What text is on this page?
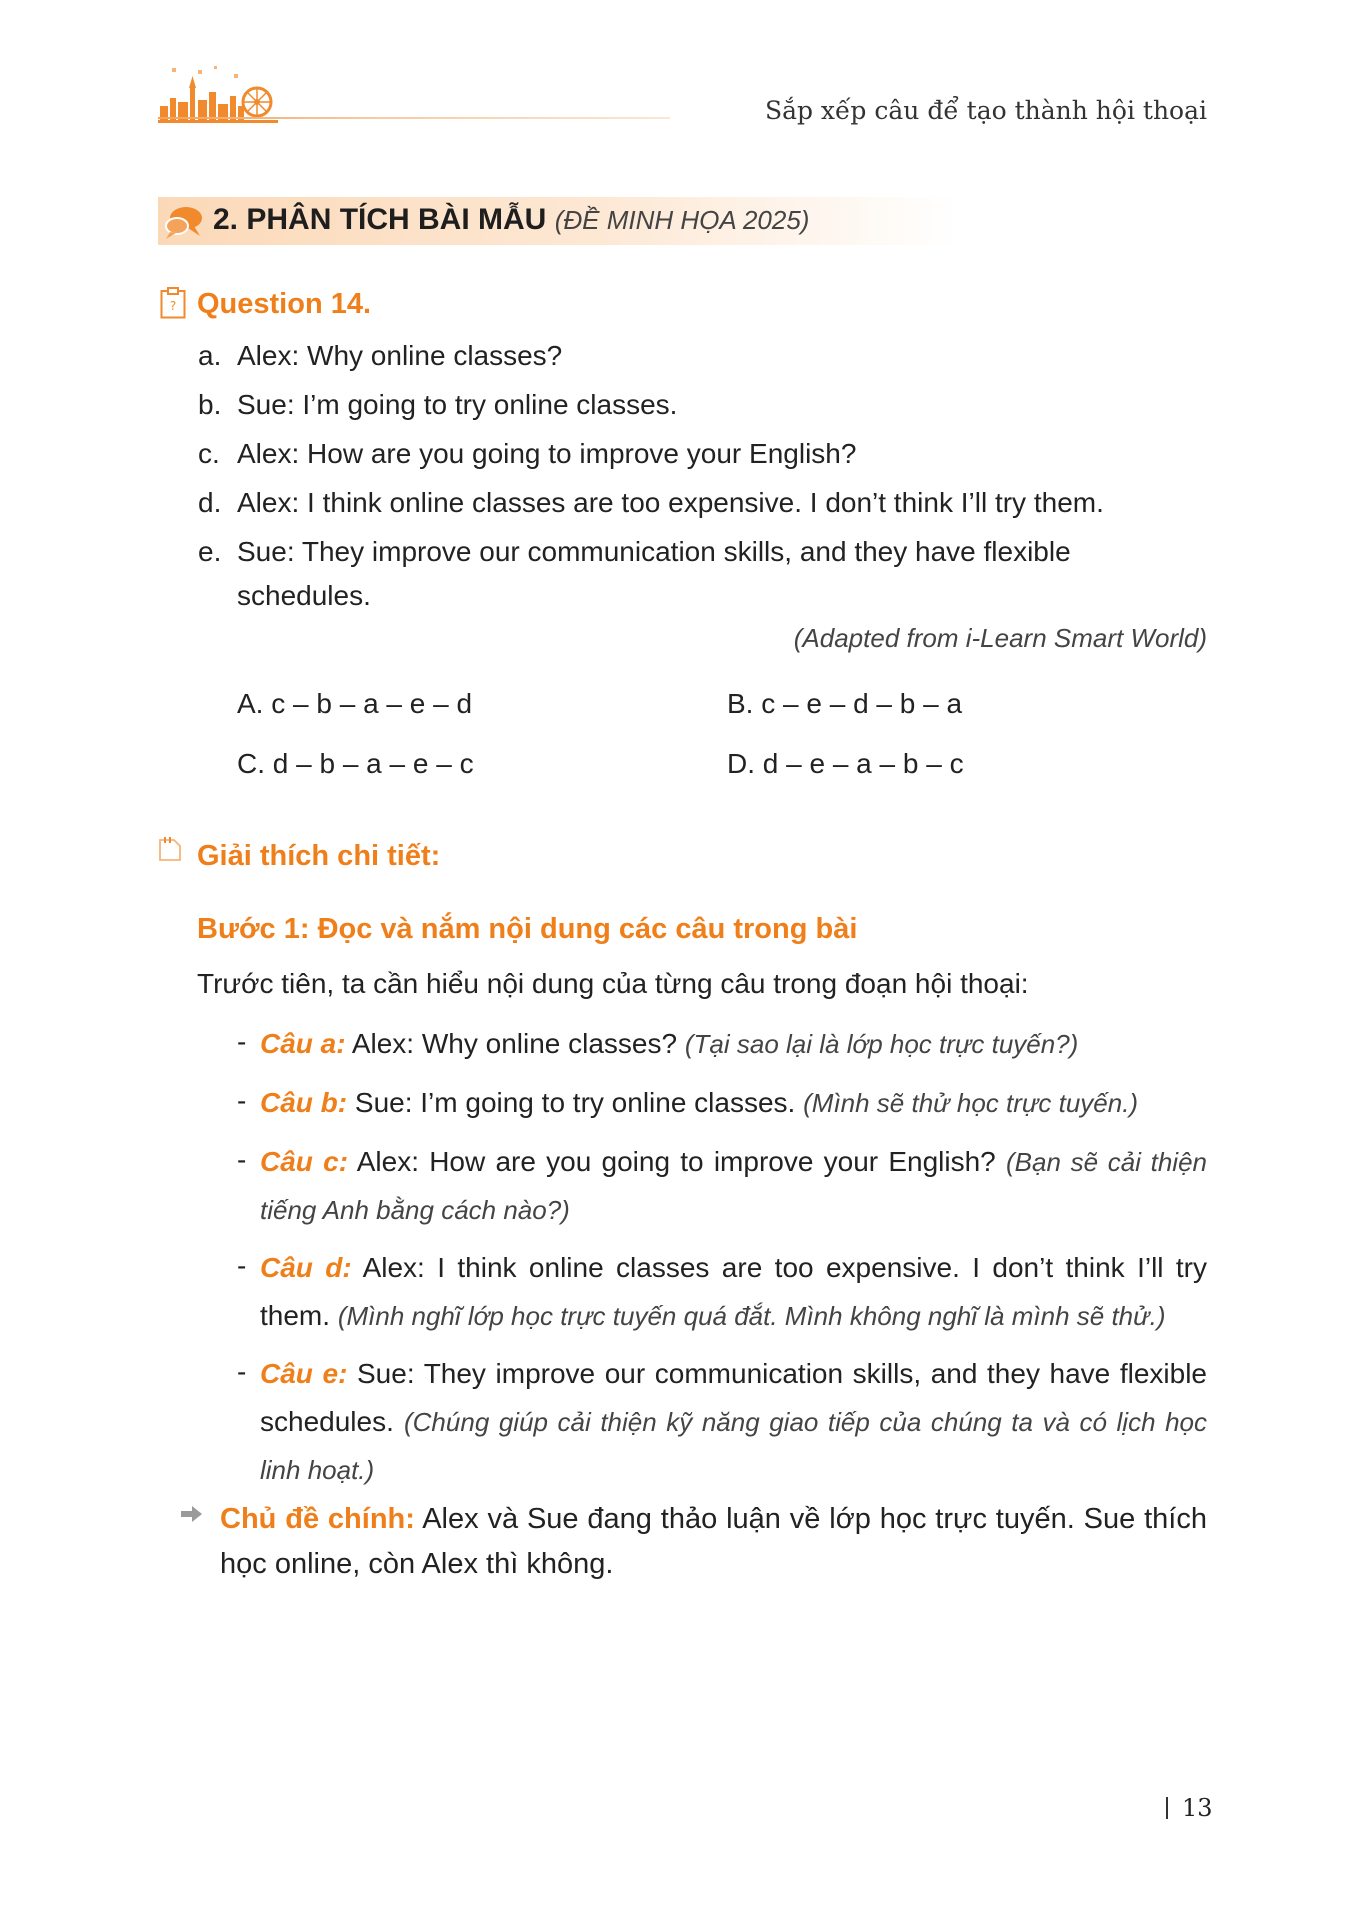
Sắp xếp câu để tạo thành hội thoại
2. PHÂN TÍCH BÀI MẪU (ĐỀ MINH HỌA 2025)
? Question 14.
a. Alex: Why online classes?
b. Sue: I’m going to try online classes.
c. Alex: How are you going to improve your English?
d. Alex: I think online classes are too expensive. I don’t think I’ll try them.
e. Sue: They improve our communication skills, and they have flexible
schedules.
(Adapted from i-Learn Smart World)
A. c – b – a – e – d	B. c – e – d – b – a
C. d – b – a – e – c	D. d – e – a – b – c
Giải thích chi tiết:
Bước 1: Đọc và nắm nội dung các câu trong bài
Trước tiên, ta cần hiểu nội dung của từng câu trong đoạn hội thoại:
- Câu a: Alex: Why online classes? (Tại sao lại là lớp học trực tuyến?)
- Câu b: Sue: I’m going to try online classes. (Mình sẽ thử học trực tuyến.)
- Câu c: Alex: How are you going to improve your English? (Bạn sẽ cải thiện tiếng Anh bằng cách nào?)
- Câu d: Alex: I think online classes are too expensive. I don’t think I’ll try them. (Mình nghĩ lớp học trực tuyến quá đắt. Mình không nghĩ là mình sẽ thử.)
- Câu e: Sue: They improve our communication skills, and they have flexible schedules. (Chúng giúp cải thiện kỹ năng giao tiếp của chúng ta và có lịch học linh hoạt.)
Chủ đề chính: Alex và Sue đang thảo luận về lớp học trực tuyến. Sue thích học online, còn Alex thì không.
13
